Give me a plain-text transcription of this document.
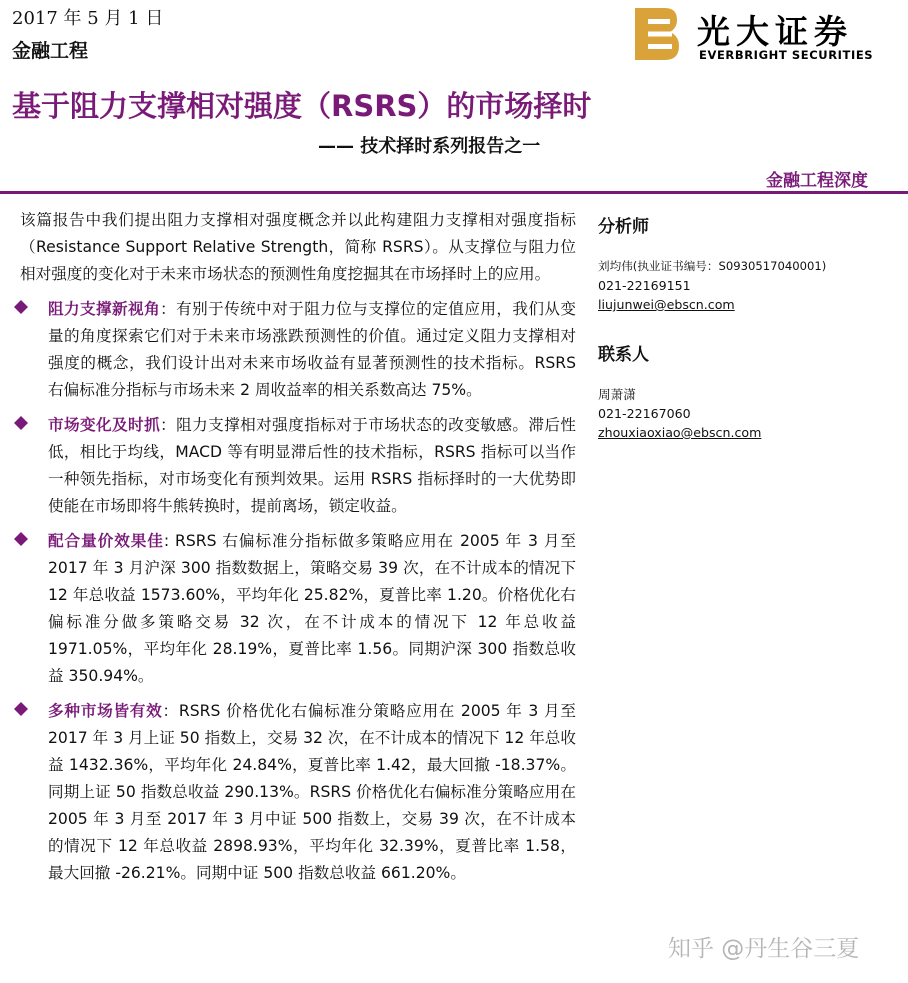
2017 年 5 月 1 日
金融工程	光大证券
EVERBRIGHT SECURITIES
基于阻力支撑相对强度（RSRS）的市场择时
—— 技术择时系列报告之一
金融工程深度

该篇报告中我们提出阻力支撑相对强度概念并以此构建阻力支撑相对强度指标（Resistance Support Relative Strength，简称 RSRS）。从支撑位与阻力位相对强度的变化对于未来市场状态的预测性角度挖掘其在市场择时上的应用。

阻力支撑新视角：有别于传统中对于阻力位与支撑位的定值应用，我们从变量的角度探索它们对于未来市场涨跌预测性的价值。通过定义阻力支撑相对强度的概念，我们设计出对未来市场收益有显著预测性的技术指标。RSRS 右偏标准分指标与市场未来 2 周收益率的相关系数高达 75%。
市场变化及时抓：阻力支撑相对强度指标对于市场状态的改变敏感。滞后性低，相比于均线，MACD 等有明显滞后性的技术指标，RSRS 指标可以当作一种领先指标，对市场变化有预判效果。运用 RSRS 指标择时的一大优势即使能在市场即将牛熊转换时，提前离场，锁定收益。
配合量价效果佳: RSRS 右偏标准分指标做多策略应用在 2005 年 3 月至 2017 年 3 月沪深 300 指数数据上，策略交易 39 次，在不计成本的情况下 12 年总收益 1573.60%，平均年化 25.82%，夏普比率 1.20。价格优化右偏标准分做多策略交易 32 次，在不计成本的情况下 12 年总收益 1971.05%，平均年化 28.19%，夏普比率 1.56。同期沪深 300 指数总收益 350.94%。
多种市场皆有效：RSRS 价格优化右偏标准分策略应用在 2005 年 3 月至 2017 年 3 月上证 50 指数上，交易 32 次，在不计成本的情况下 12 年总收益 1432.36%，平均年化 24.84%，夏普比率 1.42，最大回撤 -18.37%。同期上证 50 指数总收益 290.13%。RSRS 价格优化右偏标准分策略应用在 2005 年 3 月至 2017 年 3 月中证 500 指数上，交易 39 次，在不计成本的情况下 12 年总收益 2898.93%，平均年化 32.39%，夏普比率 1.58，最大回撤 -26.21%。同期中证 500 指数总收益 661.20%。
分析师
刘均伟(执业证书编号：S0930517040001)
021-22169151
liujunwei@ebscn.com
联系人
周萧潇
021-22167060
zhouxiaoxiao@ebscn.com
知乎 @丹生谷三夏
